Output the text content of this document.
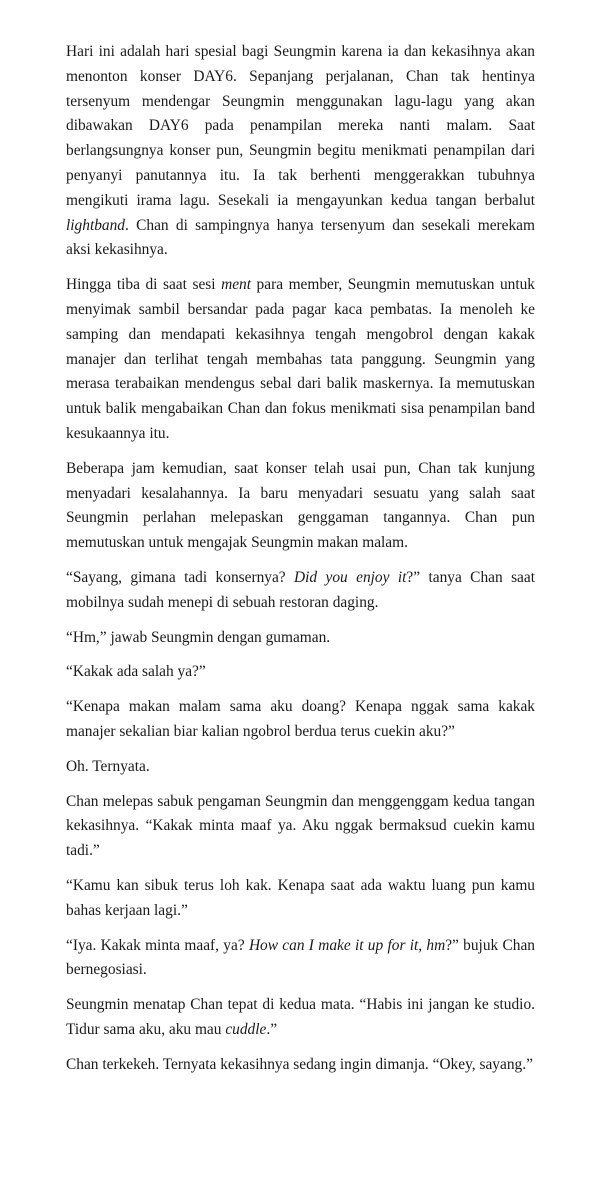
Hari ini adalah hari spesial bagi Seungmin karena ia dan kekasihnya akan menonton konser DAY6. Sepanjang perjalanan, Chan tak hentinya tersenyum mendengar Seungmin menggunakan lagu-lagu yang akan dibawakan DAY6 pada penampilan mereka nanti malam. Saat berlangsungnya konser pun, Seungmin begitu menikmati penampilan dari penyanyi panutannya itu. Ia tak berhenti menggerakkan tubuhnya mengikuti irama lagu. Sesekali ia mengayunkan kedua tangan berbalut lightband. Chan di sampingnya hanya tersenyum dan sesekali merekam aksi kekasihnya.

Hingga tiba di saat sesi ment para member, Seungmin memutuskan untuk menyimak sambil bersandar pada pagar kaca pembatas. Ia menoleh ke samping dan mendapati kekasihnya tengah mengobrol dengan kakak manajer dan terlihat tengah membahas tata panggung. Seungmin yang merasa terabaikan mendengus sebal dari balik maskernya. Ia memutuskan untuk balik mengabaikan Chan dan fokus menikmati sisa penampilan band kesukaannya itu.

Beberapa jam kemudian, saat konser telah usai pun, Chan tak kunjung menyadari kesalahannya. Ia baru menyadari sesuatu yang salah saat Seungmin perlahan melepaskan genggaman tangannya. Chan pun memutuskan untuk mengajak Seungmin makan malam.

“Sayang, gimana tadi konsernya? Did you enjoy it?” tanya Chan saat mobilnya sudah menepi di sebuah restoran daging.

“Hm,” jawab Seungmin dengan gumaman.

“Kakak ada salah ya?”

“Kenapa makan malam sama aku doang? Kenapa nggak sama kakak manajer sekalian biar kalian ngobrol berdua terus cuekin aku?”

Oh. Ternyata.

Chan melepas sabuk pengaman Seungmin dan menggenggam kedua tangan kekasihnya. “Kakak minta maaf ya. Aku nggak bermaksud cuekin kamu tadi.”

“Kamu kan sibuk terus loh kak. Kenapa saat ada waktu luang pun kamu bahas kerjaan lagi.”

“Iya. Kakak minta maaf, ya? How can I make it up for it, hm?” bujuk Chan bernegosiasi.

Seungmin menatap Chan tepat di kedua mata. “Habis ini jangan ke studio. Tidur sama aku, aku mau cuddle.”

Chan terkekeh. Ternyata kekasihnya sedang ingin dimanja. “Okey, sayang.”
